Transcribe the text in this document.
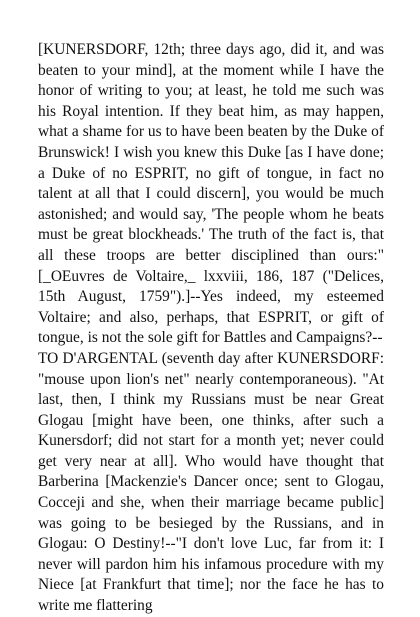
[KUNERSDORF, 12th; three days ago, did it, and was beaten to your mind], at the moment while I have the honor of writing to you; at least, he told me such was his Royal intention. If they beat him, as may happen, what a shame for us to have been beaten by the Duke of Brunswick! I wish you knew this Duke [as I have done; a Duke of no ESPRIT, no gift of tongue, in fact no talent at all that I could discern], you would be much astonished; and would say, 'The people whom he beats must be great blockheads.' The truth of the fact is, that all these troops are better disciplined than ours:" [_OEuvres de Voltaire,_ lxxviii, 186, 187 ("Delices, 15th August, 1759").]--Yes indeed, my esteemed Voltaire; and also, perhaps, that ESPRIT, or gift of tongue, is not the sole gift for Battles and Campaigns?--

TO D'ARGENTAL (seventh day after KUNERSDORF: "mouse upon lion's net" nearly contemporaneous). "At last, then, I think my Russians must be near Great Glogau [might have been, one thinks, after such a Kunersdorf; did not start for a month yet; never could get very near at all]. Who would have thought that Barberina [Mackenzie's Dancer once; sent to Glogau, Cocceji and she, when their marriage became public] was going to be besieged by the Russians, and in Glogau: O Destiny!--"I don't love Luc, far from it: I never will pardon him his infamous procedure with my Niece [at Frankfurt that time]; nor the face he has to write me flattering
